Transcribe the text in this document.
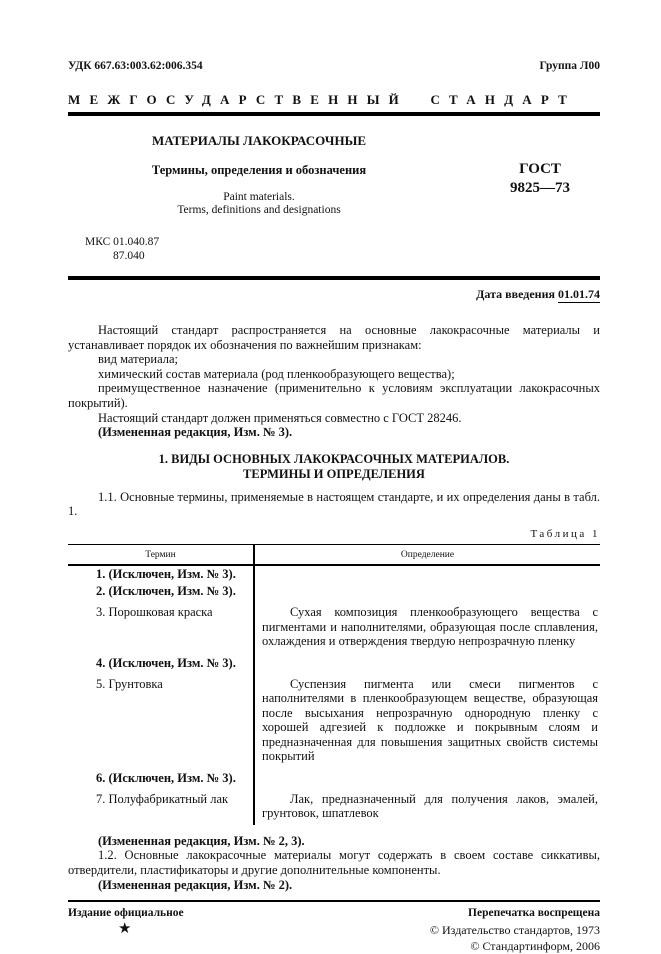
УДК 667.63:003.62:006.354	Группа Л00
МЕЖГОСУДАРСТВЕННЫЙ СТАНДАРТ
МАТЕРИАЛЫ ЛАКОКРАСОЧНЫЕ
Термины, определения и обозначения
Paint materials.
Terms, definitions and designations
ГОСТ
9825—73
МКС 01.040.87
87.040
Дата введения 01.01.74
Настоящий стандарт распространяется на основные лакокрасочные материалы и устанавливает порядок их обозначения по важнейшим признакам:
вид материала;
химический состав материала (род пленкообразующего вещества);
преимущественное назначение (применительно к условиям эксплуатации лакокрасочных покрытий).
Настоящий стандарт должен применяться совместно с ГОСТ 28246.
(Измененная редакция, Изм. № 3).
1. ВИДЫ ОСНОВНЫХ ЛАКОКРАСОЧНЫХ МАТЕРИАЛОВ.
ТЕРМИНЫ И ОПРЕДЕЛЕНИЯ
1.1. Основные термины, применяемые в настоящем стандарте, и их определения даны в табл. 1.
Таблица 1
Термин	Определение
1. (Исключен, Изм. № 3).
2. (Исключен, Изм. № 3).
3. Порошковая краска	Сухая композиция пленкообразующего вещества с пигментами и наполнителями, образующая после сплавления, охлаждения и отверждения твердую непрозрачную пленку
4. (Исключен, Изм. № 3).
5. Грунтовка	Суспензия пигмента или смеси пигментов с наполнителями в пленкообразующем веществе, образующая после высыхания непрозрачную однородную пленку с хорошей адгезией к подложке и покрывным слоям и предназначенная для повышения защитных свойств системы покрытий
6. (Исключен, Изм. № 3).
7. Полуфабрикатный лак	Лак, предназначенный для получения лаков, эмалей, грунтовок, шпатлевок
(Измененная редакция, Изм. № 2, 3).
1.2. Основные лакокрасочные материалы могут содержать в своем составе сиккативы, отвердители, пластификаторы и другие дополнительные компоненты.
(Измененная редакция, Изм. № 2).
Издание официальное	Перепечатка воспрещена
★	© Издательство стандартов, 1973
© Стандартинформ, 2006
